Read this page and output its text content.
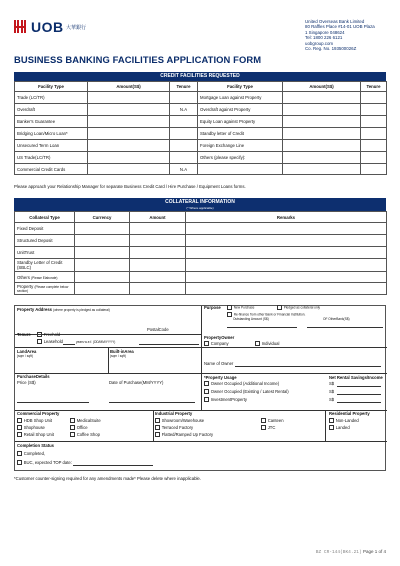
UOB 大華銀行
United Overseas Bank Limited
80 Raffles Place #14-01 UOB Plaza
1 Singapore 048624
Tel: 1800 226 6121
uobgroup.com
Co. Reg. No. 193500026Z
BUSINESS BANKING FACILITIES APPLICATION FORM
CREDIT FACILITIES REQUESTED
Facility Type	Amount(S$)	Tenure	Facility Type	Amount(S$)	Tenure
Trade (LC/TR)			Mortgage Loan against Property		
Overdraft		N.A	Overdraft against Property		
Banker's Guarantee			Equity Loan against Property		
Bridging Loan/Micro Loan*			Standby letter of Credit		
Unsecured Term Loan			Foreign Exchange Line		
US Trade(LC/TR)			Others (please specify):		
Commercial Credit Cards		N.A			
Please approach your Relationship Manager for separate Business Credit Card / Hire Purchase / Equipment Loans forms.
COLLATERAL INFORMATION
(* Where applicable)
Collateral Type	Currency	Amount	Remarks
Fixed Deposit			
Structured Deposit			
UnitTrust			
Standby Letter of Credit (SBLC)			
Others (Please Elaborate)			
Property (Please complete below section)			
Property Address (where property is pledged as collateral)
PostalCode
Purpose	New Purchase	Pledged as collateral only
Re-finance from other Bank or Financial Institution.
Outstanding Amount (S$)	OF OtherBank(S$)
Tenure	Freehold
Leasehold	years w.e.f. (DD/MM/YYYY)
PropertyOwner
Company	Individual
Name of Owner
LandArea
(sqm / sqft)
Built-inArea
(sqm / sqft)
PurchaseDetails
Price (S$)	Date of Purchase(MM/YYYY)
*Property Usage
Owner Occupied (Additional Income)
Owner Occupied (Existing / Latest Rental)
InvestmentProperty
Net Rental Savings/Income
S$
S$
S$
Commercial Property
HDB Shop Unit	MedicalSuite
Shophouse	Office
Retail Shop Unit	Coffee Shop
Industrial Property
Showroom/Warehouse	Canteen
Terraced Factory	JTC
Flatted/Ramped Up Factory
Residential Property
Non-Landed
Landed
Completion Status
Completed,
BUC, expected TOP date:
*Customer counter-signing required for any amendments made* Please delete where inapplicable.
BZ CR-144(BK4.21) Page 1 of 4
